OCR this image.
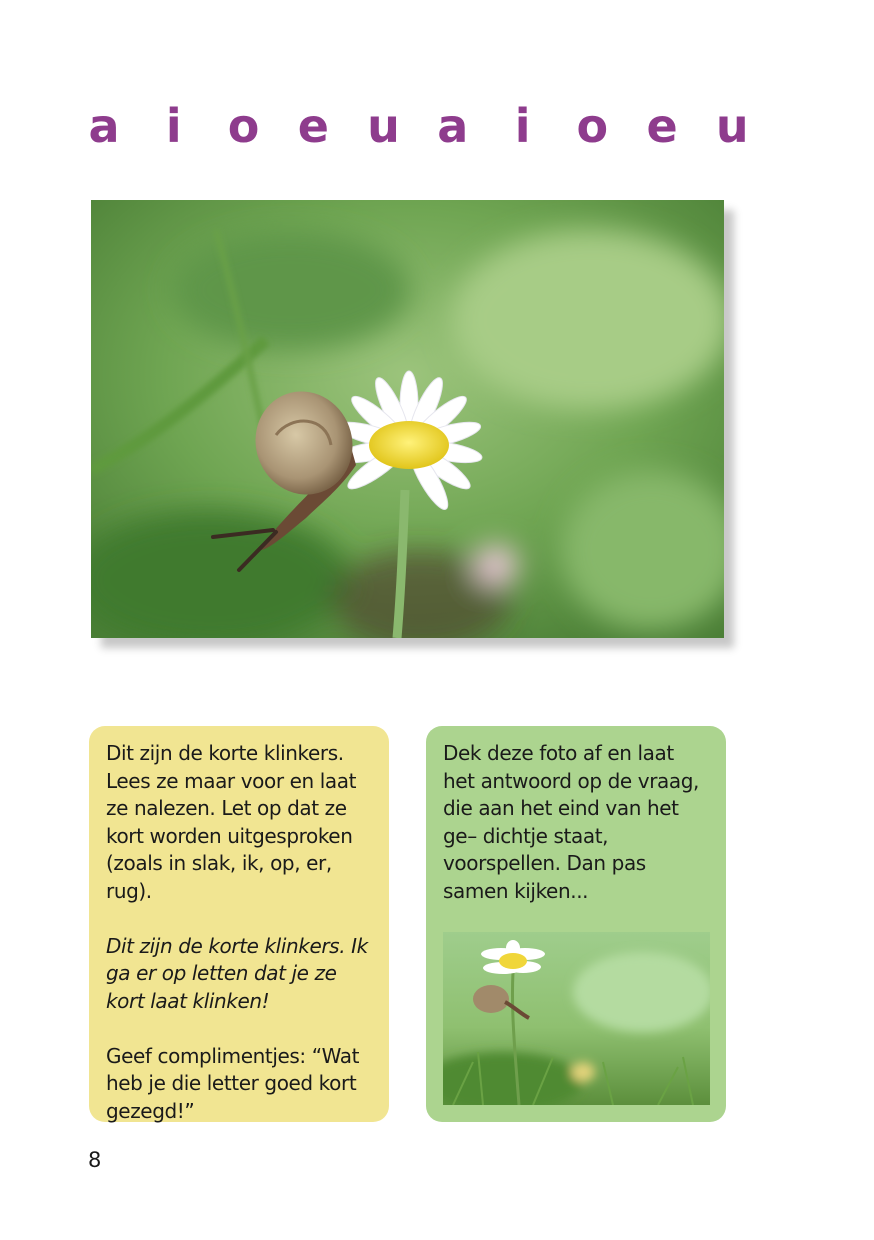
a i o e u a i o e u

Dit zijn de korte klinkers. Lees ze maar voor en laat ze nalezen. Let op dat ze kort worden uitgesproken (zoals in slak, ik, op, er, rug).

Dit zijn de korte klinkers. Ik ga er op letten dat je ze kort laat klinken!

Geef complimentjes: “Wat heb je die letter goed kort gezegd!”

Dek deze foto af en laat het antwoord op de vraag, die aan het eind van het ge– dichtje staat, voorspellen. Dan pas samen kijken...

8
